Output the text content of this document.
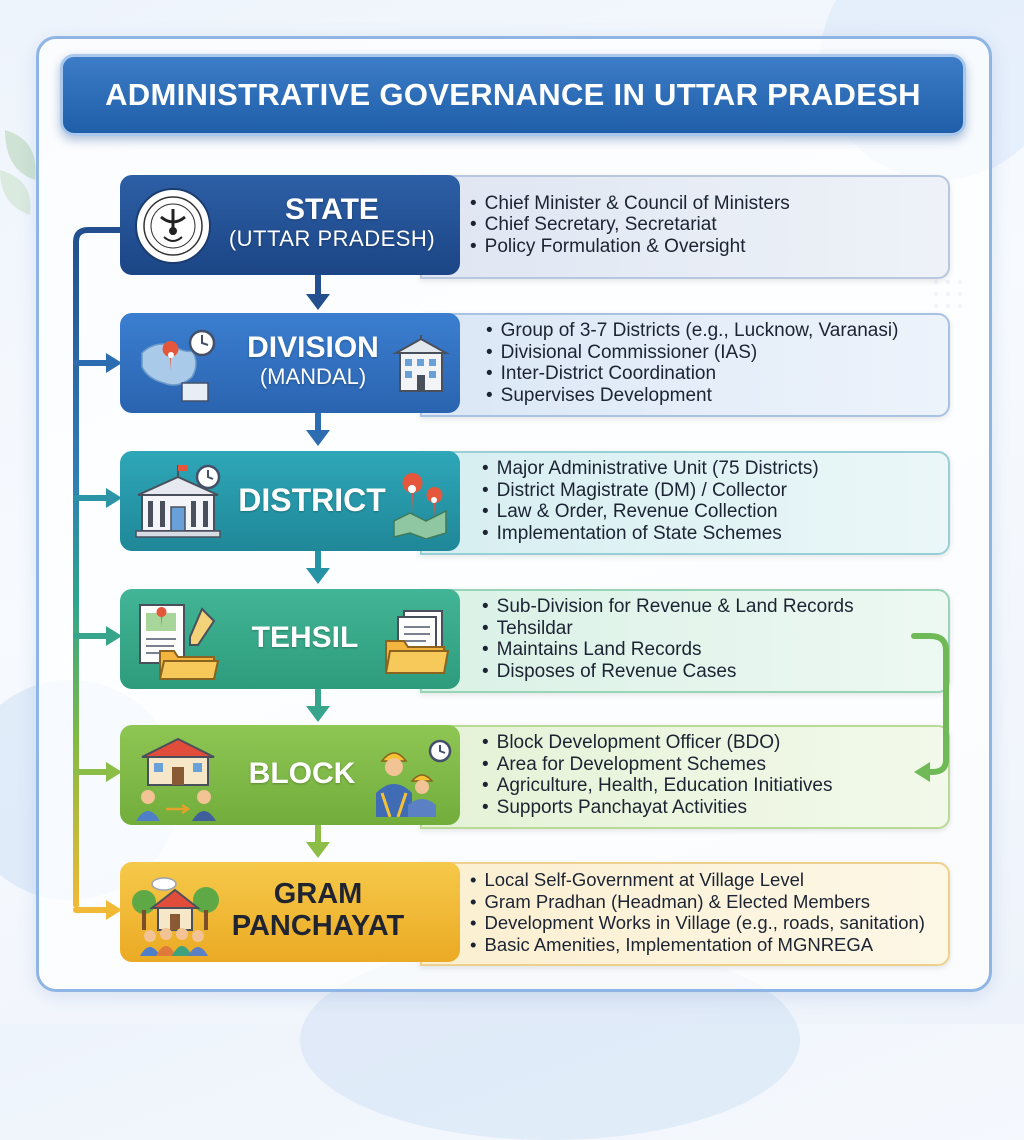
ADMINISTRATIVE GOVERNANCE IN UTTAR PRADESH
STATE
(UTTAR PRADESH)
• Chief Minister & Council of Ministers
• Chief Secretary, Secretariat
• Policy Formulation & Oversight
DIVISION
(MANDAL)
• Group of 3-7 Districts (e.g., Lucknow, Varanasi)
• Divisional Commissioner (IAS)
• Inter-District Coordination
• Supervises Development
DISTRICT
• Major Administrative Unit (75 Districts)
• District Magistrate (DM) / Collector
• Law & Order, Revenue Collection
• Implementation of State Schemes
TEHSIL
• Sub-Division for Revenue & Land Records
• Tehsildar
• Maintains Land Records
• Disposes of Revenue Cases
BLOCK
• Block Development Officer (BDO)
• Area for Development Schemes
• Agriculture, Health, Education Initiatives
• Supports Panchayat Activities
GRAM
PANCHAYAT
• Local Self-Government at Village Level
• Gram Pradhan (Headman) & Elected Members
• Development Works in Village (e.g., roads, sanitation)
• Basic Amenities, Implementation of MGNREGA
